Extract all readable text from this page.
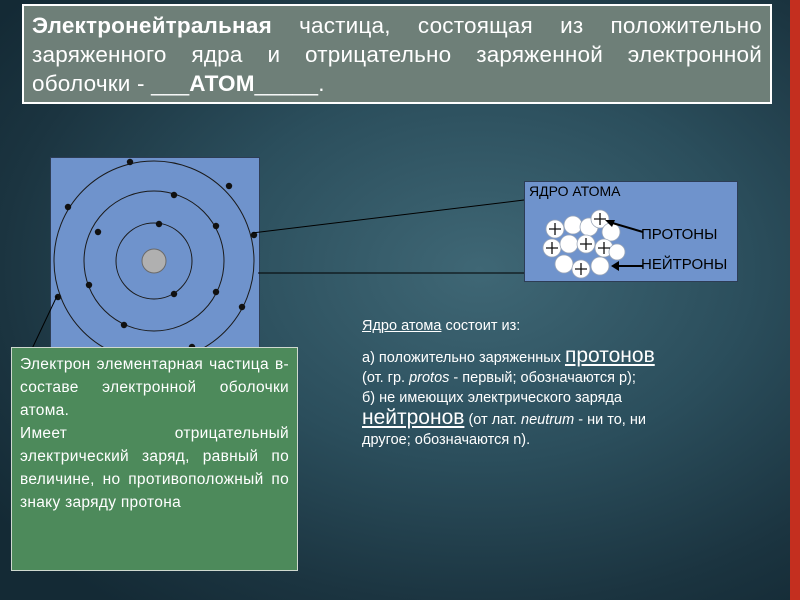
Электронейтральная частица, состоящая из положительно заряженного ядра и отрицательно заряженной электронной оболочки - ___АТОМ_____.
ЯДРО АТОМА
ПРОТОНЫ
НЕЙТРОНЫ

Электрон	-
элементарная частица в составе электронной оболочки атома.

Имеет отрицательный электрический заряд, равный по величине, но противоположный по знаку заряду протона

Ядро атома состоит из:
а) положительно заряженных протонов
(от. гр. protos - первый; обозначаются р);
б) не имеющих электрического заряда
нейтронов (от лат. neutrum - ни то, ни
другое; обозначаются n).
